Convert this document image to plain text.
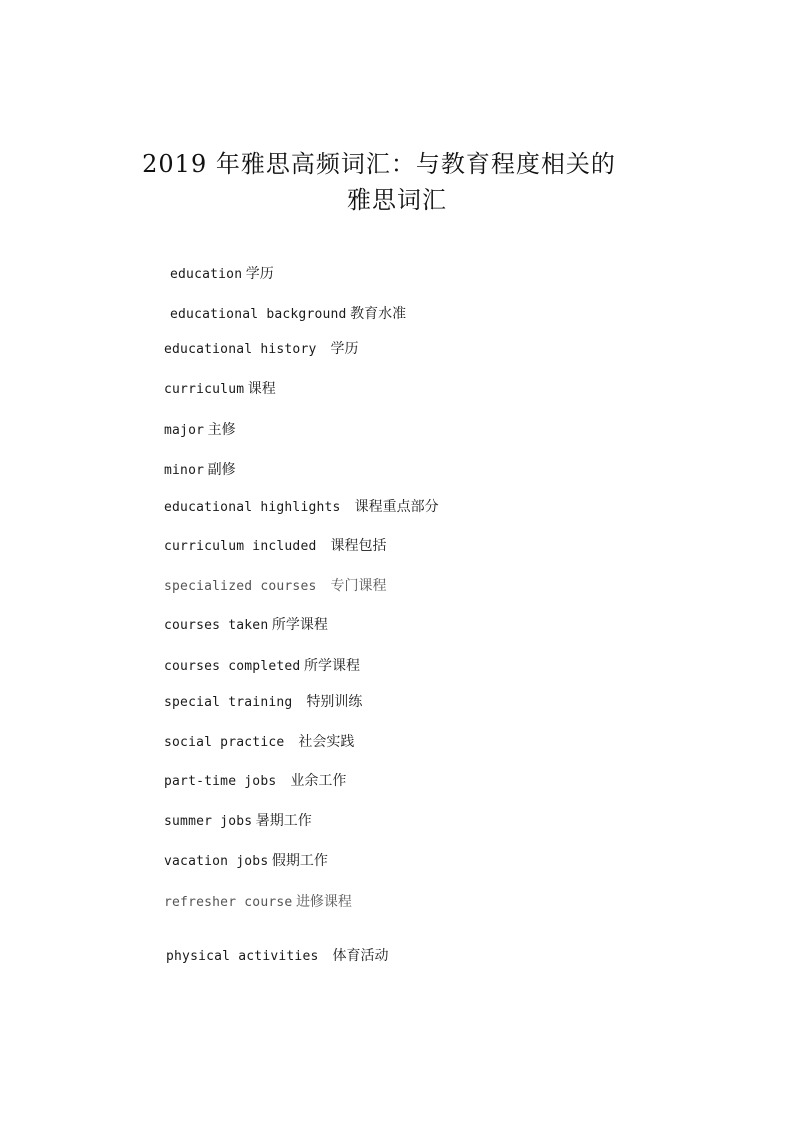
2019 年雅思高频词汇：与教育程度相关的
雅思词汇

education 学历

educational background 教育水准

educational history 学历

curriculum 课程

major 主修

minor 副修

educational highlights 课程重点部分

curriculum included 课程包括

specialized courses 专门课程

courses taken 所学课程

courses completed 所学课程

special training 特别训练

social practice 社会实践

part-time jobs 业余工作

summer jobs 暑期工作

vacation jobs 假期工作

refresher course 进修课程

physical activities 体育活动
